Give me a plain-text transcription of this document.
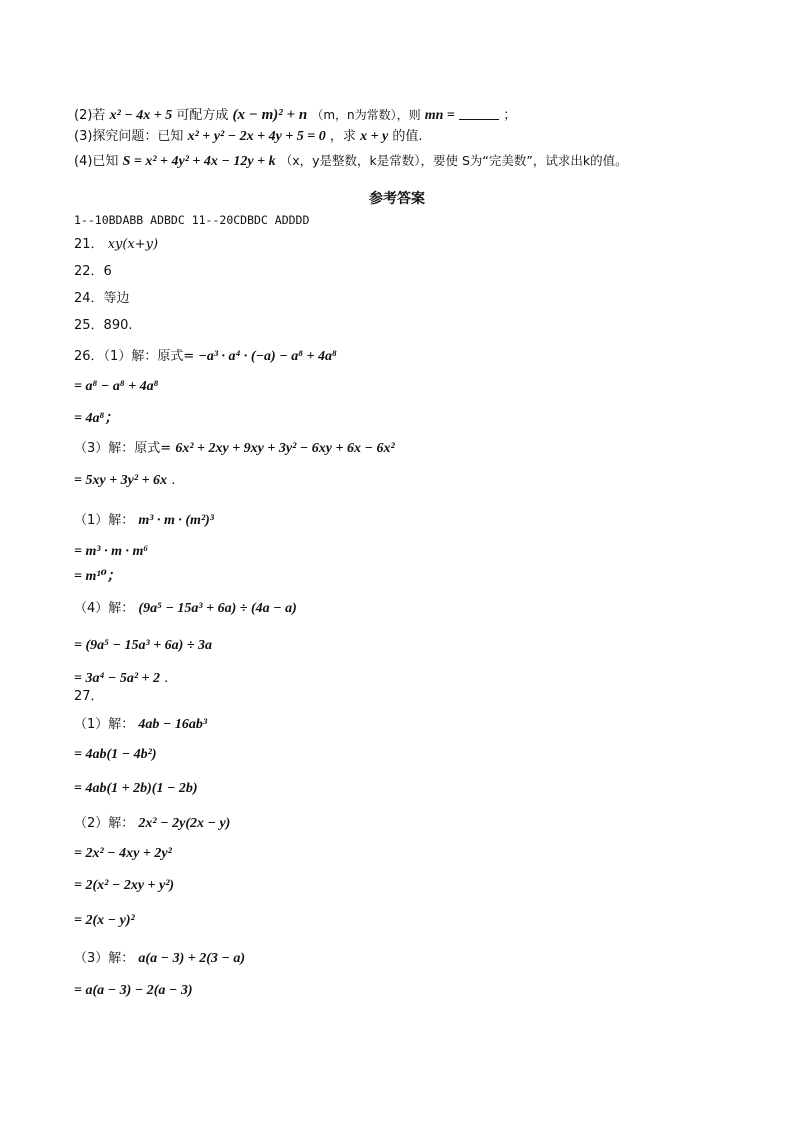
(2)若 x² − 4x + 5 可配方成 (x − m)² + n （m，n为常数），则 mn =	；
(3)探究问题：已知 x² + y² − 2x + 4y + 5 = 0 ，求 x + y 的值.
(4)已知 S = x² + 4y² + 4x − 12y + k （x，y是整数，k是常数），要使 S为“完美数”，试求出k的值。
参考答案
1--10BDABB ADBDC 11--20CDBDC ADDDD
21． xy(x+y)
22．6
24．等边
25．890.
26．（1）解：原式= −a³ · a⁴ · (−a) − a⁸ + 4a⁸
= a⁸ − a⁸ + 4a⁸
= 4a⁸；
（3）解：原式= 6x² + 2xy + 9xy + 3y² − 6xy + 6x − 6x²
= 5xy + 3y² + 6x .
（1）解： m³ · m · (m²)³
= m³ · m · m⁶
= m¹⁰；
（4）解： (9a⁵ − 15a³ + 6a) ÷ (4a − a)
= (9a⁵ − 15a³ + 6a) ÷ 3a
= 3a⁴ − 5a² + 2 .
27．
（1）解： 4ab − 16ab³
= 4ab(1 − 4b²)
= 4ab(1 + 2b)(1 − 2b)
（2）解： 2x² − 2y(2x − y)
= 2x² − 4xy + 2y²
= 2(x² − 2xy + y²)
= 2(x − y)²
（3）解： a(a − 3) + 2(3 − a)
= a(a − 3) − 2(a − 3)
